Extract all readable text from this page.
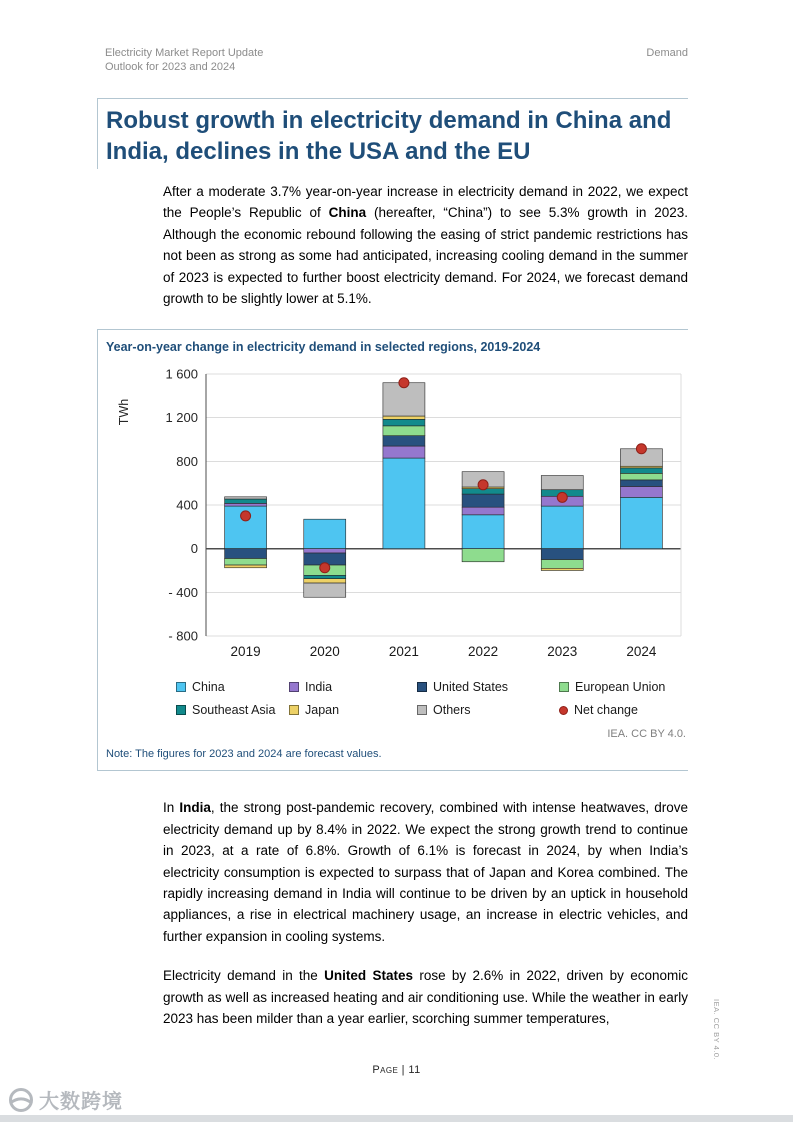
Electricity Market Report Update
Outlook for 2023 and 2024
Demand
Robust growth in electricity demand in China and India, declines in the USA and the EU

After a moderate 3.7% year-on-year increase in electricity demand in 2022, we expect the People’s Republic of China (hereafter, “China”) to see 5.3% growth in 2023. Although the economic rebound following the easing of strict pandemic restrictions has not been as strong as some had anticipated, increasing cooling demand in the summer of 2023 is expected to further boost electricity demand. For 2024, we forecast demand growth to be slightly lower at 5.1%.

Year-on-year change in electricity demand in selected regions, 2019-2024
1 600
1 200
800
400
0
- 400
- 800
TWh
2019	2020	2021	2022	2023	2024
China	India	United States	European Union
Southeast Asia Japan	Others	Net change
IEA. CC BY 4.0.
Note: The figures for 2023 and 2024 are forecast values.

In India, the strong post-pandemic recovery, combined with intense heatwaves, drove electricity demand up by 8.4% in 2022. We expect the strong growth trend to continue in 2023, at a rate of 6.8%. Growth of 6.1% is forecast in 2024, by when India’s electricity consumption is expected to surpass that of Japan and Korea combined. The rapidly increasing demand in India will continue to be driven by an uptick in household appliances, a rise in electrical machinery usage, an increase in electric vehicles, and further expansion in cooling systems.

Electricity demand in the United States rose by 2.6% in 2022, driven by economic growth as well as increased heating and air conditioning use. While the weather in early 2023 has been milder than a year earlier, scorching summer temperatures,

Page | 11
IEA. CC BY 4.0.
大数跨境
